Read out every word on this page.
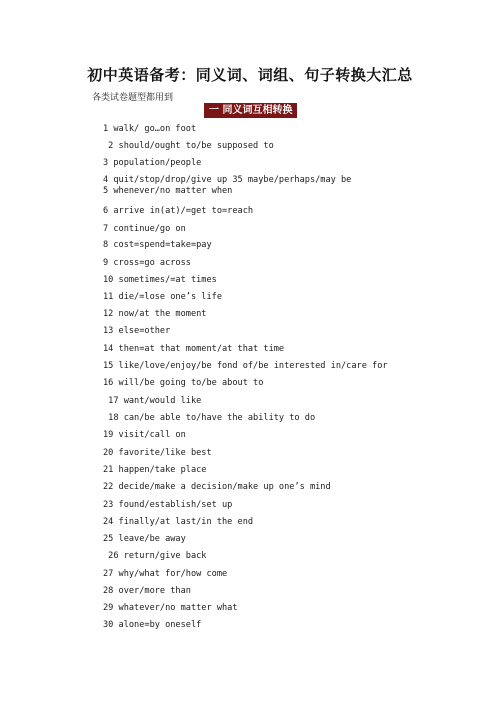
初中英语备考：同义词、词组、句子转换大汇总
各类试卷题型都用到
一 同义词互相转换
1 walk/ go…on foot
2 should/ought to/be supposed to
3 population/people
4 quit/stop/drop/give up 35 maybe/perhaps/may be
5 whenever/no matter when
6 arrive in(at)/=get to=reach
7 continue/go on
8 cost=spend=take=pay
9 cross=go across
10 sometimes/=at times
11 die/=lose one’s life
12 now/at the moment
13 else=other
14 then=at that moment/at that time
15 like/love/enjoy/be fond of/be interested in/care for
16 will/be going to/be about to
17 want/would like
18 can/be able to/have the ability to do
19 visit/call on
20 favorite/like best
21 happen/take place
22 decide/make a decision/make up one’s mind
23 found/establish/set up
24 finally/at last/in the end
25 leave/be away
26 return/give back
27 why/what for/how come
28 over/more than
29 whatever/no matter what
30 alone=by oneself
